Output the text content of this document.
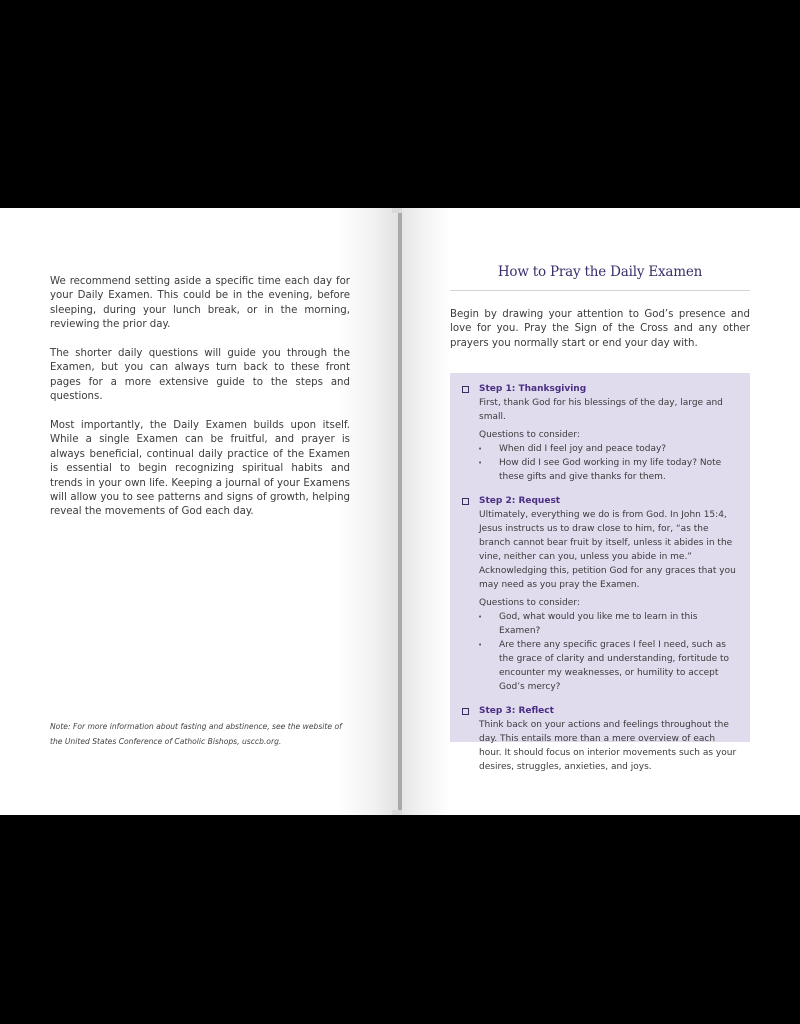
We recommend setting aside a specific time each day for your Daily Examen. This could be in the evening, before sleeping, during your lunch break, or in the morning, reviewing the prior day.

The shorter daily questions will guide you through the Examen, but you can always turn back to these front pages for a more extensive guide to the steps and questions.

Most importantly, the Daily Examen builds upon itself. While a single Examen can be fruitful, and prayer is always beneficial, continual daily practice of the Examen is essential to begin recognizing spiritual habits and trends in your own life. Keeping a journal of your Examens will allow you to see patterns and signs of growth, helping reveal the movements of God each day.

Note: For more information about fasting and abstinence, see the website of the United States Conference of Catholic Bishops, usccb.org.
How to Pray the Daily Examen
Begin by drawing your attention to God’s presence and love for you. Pray the Sign of the Cross and any other prayers you normally start or end your day with.
Step 1: Thanksgiving
First, thank God for his blessings of the day, large and small.
Questions to consider:
• When did I feel joy and peace today?
• How did I see God working in my life today? Note these gifts and give thanks for them.
Step 2: Request
Ultimately, everything we do is from God. In John 15:4, Jesus instructs us to draw close to him, for, “as the branch cannot bear fruit by itself, unless it abides in the vine, neither can you, unless you abide in me.” Acknowledging this, petition God for any graces that you may need as you pray the Examen.
Questions to consider:
• God, what would you like me to learn in this Examen?
• Are there any specific graces I feel I need, such as the grace of clarity and understanding, fortitude to encounter my weaknesses, or humility to accept God’s mercy?
Step 3: Reflect
Think back on your actions and feelings throughout the day. This entails more than a mere overview of each hour. It should focus on interior movements such as your desires, struggles, anxieties, and joys.
